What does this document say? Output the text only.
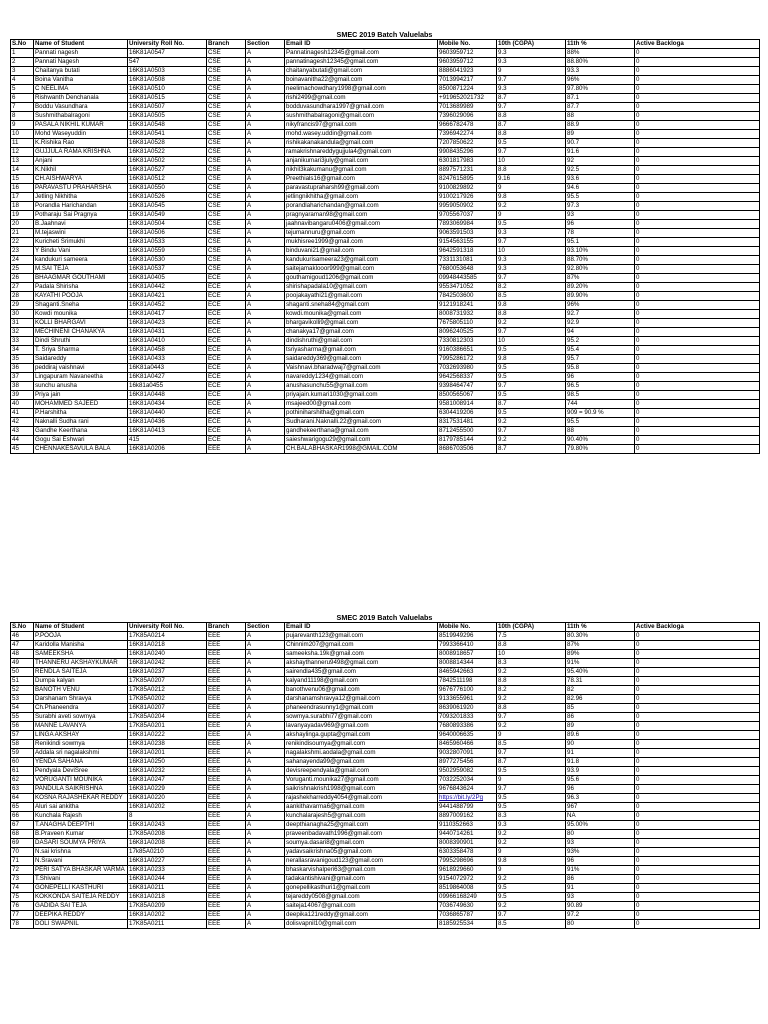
SMEC 2019 Batch Valuelabs
S.No	Name of Student	University Roll No.	Branch	Section	Email ID	Mobile No.	10th (CGPA)	11th %	Active Backloga
1	Pannati nagesh	16K81A0547	CSE	A	Pannatinagesh12345@gmail.com	9603959712	9.3	88%	0
2	Pannati Nagesh	547	CSE	A	pannatinagesh12345@gmail.com	9603959712	9.3	88.80%	0
3	Chaitanya butati	16K81A0503	CSE	A	chaitanyabutati@gmail.com	8886041923	9	93.3	0
4	Boina Vanitha	16K81A0508	CSE	A	boinavanitha22@gmail.com	7013994217	9.7	96%	0
5	C NEELIMA	16K81A0510	CSE	A	neelimachowdhary1998@gmail.com	8500871224	9.3	97.80%	0
6	Rishwanth Denchanala	16K81A0515	CSE	A	rishi2499@gmail.com	+919652021732	8.7	87.1	0
7	Boddu Vasundhara	16K81A0507	CSE	A	bodduvasundhara1997@gmail.com	7013689989	9.7	87.7	0
8	Sushmithabalragoni	16K81A0505	CSE	A	sushmithabalragoni@gmail.com	7396029096	8.8	88	0
9	PASALA NIKHIL KUMAR	16K81A0548	CSE	A	nikyfrancis97@gmail.com	9666782478	8.7	88.9	0
10	Mohd Waseyuddin	16K81A0541	CSE	A	mohd.wasey.uddin@gmail.com	7396942274	8.8	89	0
11	K.Rishika Rao	16K81A0528	CSE	A	rishikakanakandula@gmail.com	7207850622	9.5	90.7	0
12	GUJJULA RAMA KRISHNA	16K81A0522	CSE	A	ramakrishnareddygujjula4@gmail.com	9908435296	9.7	91.6	0
13	Anjani	16K81A0502	CSE	A	anjanikumari3july@gmail.com	6301817983	10	92	0
14	K.Nikhil	16K81A0527	CSE	A	nikhil3kakumanu@gmail.com	8897571231	8.8	92.5	0
15	CH.AISHWARYA	16K81A0512	CSE	A	Preethials16@gmail.com	8247615895	9.16	93.6	0
16	PARAVASTU PRAHARSHA	16K81A0550	CSE	A	paravastupraharsh99@gmail.com	9100829892	9	94.6	0
17	Jetling Nikhitha	16K81A0526	CSE	A	jetlingnikhitha@gmail.com	9100217926	9.8	95.5	0
18	Porandla Harichandan	16K81A0545	CSE	A	porandlaharichandan@gmail.com	9959050902	9.2	97.3	0
19	Potharaju Sai Pragnya	16K81A0549	CSE	A	pragnyaraman98@gmail.com	9705567037	9	93	0
20	B.Jaahnavi	16K81A0504	CSE	A	jaahnavibangaru0406@gmail.com	7893069984	9.5	96	0
21	M.tejaswini	16K81A0506	CSE	A	tejumannuru@gmail.com	9063591503	9.3	78	0
22	Kuricheti Srimukhi	16K81A0533	CSE	A	mukhisree1999@gmail.com	9154563155	9.7	95.1	0
23	Y Bindu Vani	16K81A0559	CSE	A	binduvani21@gmail.com	9642591318	10	93.10%	0
24	kandukuri sameera	16K81A0530	CSE	A	kandukurisameera23@gmail.com	7331131081	9.3	88.70%	0
25	M.SAI TEJA	16K81A0537	CSE	A	saitejamaklooor999@gmail.com	7680053648	9.3	92.80%	0
26	BHAAGMAR GOUTHAMI	16K81A0405	ECE	A	gouthamigoud1206@gmail.com	09948443585	9.7	87%	0
27	Padala Shirisha	16K81A0442	ECE	A	shirishapadala10@gmail.com	9553471052	8.2	89.20%	0
28	KAYATHI POOJA	16K81A0421	ECE	A	poojakayathi21@gmail.com	7842503600	8.5	89.90%	0
29	Shaganti.Sneha	16K81A0452	ECE	A	shaganti.sneha84@gmail.com	9121918241	9.8	96%	0
30	Kowdi mounika	16K81A0417	ECE	A	kowdi.mounika@gmail.com	8008731932	8.8	92.7	0
31	KOLLI BHARGAVI	16K81A0423	ECE	A	bhargavikolli9@gmail.com	7675805110	9.2	92.9	0
32	MECHINENI CHANAKYA	16K81A0431	ECE	A	chanakya17@gmail.com	8096240525	9.7	94	0
33	Dindi Shruthi	16K81A0410	ECE	A	dindishruthi@gmail.com	7330812303	10	95.2	0
34	T. Sriya Sharma	16K81A0458	ECE	A	tsriyasharma@gmail.com	9160386651	9.5	95.4	0
35	Saidareddy	16K81A0433	ECE	A	saidareddy369@gmail.com	7995286172	9.8	95.7	0
36	peddiraj vaishnavi	16K81a0443	ECE	A	Vaishnavi.bharadwaj7@gmail.com	7032693980	9.5	95.8	0
37	Lingapuram Navaneetha	16K81A0427	ECE	A	navareddy1234@gmail.com	9642568337	9.5	96	0
38	sunchu anusha	16k81a0455	ECE	A	anushasunchu55@gmail.com	9398464747	9.7	96.5	0
39	Priya jain	16K81A0448	ECE	A	priyajain.kumari1030@gmail.com	8500565067	9.5	98.5	0
40	MOHAMMED SAJEED	16K81A0434	ECE	A	msajeed00@gmail.com	9581008914	8.7	744	0
41	P.Harshitha	16K81A0440	ECE	A	pothiniharshitha@gmail.com	6304419206	9.5	909 = 90.9 %	0
42	Naknalli Sudha rani	16K81A0436	ECE	A	Sudharani.Naknalli.22@gmail.com	8317531481	9.2	95.5	0
43	Gandhe Keerthana	16K81A0413	ECE	A	gandhekeerthana@gmail.com	8712455500	9.7	88	0
44	Gogu Sai Eshwari	415	ECE	A	saieshwarigogu29@gmail.com	8179785144	9.2	90.40%	0
45	CHENNAKESAVULA BALA	16K81A0206	EEE	A	CH.BALABHASKAR1998@GMAIL.COM	8686703506	8.7	79.80%	0
SMEC 2019 Batch Valuelabs
S.No	Name of Student	University Roll No.	Branch	Section	Email ID	Mobile No.	10th (CGPA)	11th %	Active Backloga
46	P.POOJA	17K85A0214	EEE	A	pujarevanth123@gmail.com	8519949296	7.5	80.30%	0
47	Karidolla Manisha	16K81A0218	EEE	A	Chinnim207@gmail.com	7993366410	8.8	87%	0
48	SAMEEKSHA	16K81A0240	EEE	A	sameeksha.19k@gmail.com	8008918657	10	89%	0
49	THANNERU AKSHAYKUMAR	16K81A0242	EEE	A	akshaythanneru9498@gmail.com	8008814344	8.3	91%	0
50	RENDLA SAITEJA	16K81A0237	EEE	A	sairendla435@gmail.com	8465942663	9.2	95.40%	0
51	Dumpa kalyan	17K85A0207	EEE	A	kalyand11198@gmail.com	7842511198	8.8	78.31	0
52	BANOTH VENU	17K85A0212	EEE	A	banothvenu06@gmail.com	9676776100	8.2	82	0
53	Darshanam Shravya	17K85A0202	EEE	A	darshanamshravya12@gmail.com	9133655961	9.2	82.96	0
54	Ch.Phaneendra	16K81A0207	EEE	A	phaneendrasunny1@gmail.com	8639061920	8.8	85	0
55	Surabhi aveti sowmya	17K85A0204	EEE	A	sowmya.surabhi77@gmail.com	7093201833	9.7	86	0
56	MANNE LAVANYA	17K85A0201	EEE	A	lavanyayadav969@gmail.com	7680893386	9.2	89	0
57	LINGA AKSHAY	16K81A0222	EEE	A	akshaylinga.gupta@gmail.com	9640006635	9	89.6	0
58	Renikindi sowmya	16K81A0238	EEE	A	renikindisoumya@gmail.com	8465960466	8.5	90	0
59	Addala sri nagalakshmi	16K81A0201	EEE	A	nagalakshmi.aodala@gmail.com	9032807091	9.7	91	0
60	YENDA SAHANA	16K81A0250	EEE	A	sahanayenda99@gmail.com	8977275456	8.7	91.8	0
61	Pendyala DeviSree	16K81A0232	EEE	A	devisreependyala@gmail.com	9502959082	9.5	93.9	0
62	VORUGANTI MOUNIKA	16K81A0247	EEE	A	Voruganti.mounika27@gmail.com	7032252034	9	95.6	0
63	PANDULA SAIKRISHNA	16K81A0229	EEE	A	saikrishnakrish1998@gmail.com	9676843624	9.7	96	0
64	KOSNA RAJASHEKAR REDDY	16K81A0220	EEE	A	rajashekharreddy4054@gmail.com	https://bit.ly/2Pg	9.5	96.3	0
65	Aluri sai ankitha	16K81A0202	EEE	A	aankitha​varma6@gmail.com	9441488799	9.5	967	0
66	Kunchala Rajesh	8	EEE	A	kunchalarajesh5@gmail.com	8897009162	8.3	NA	0
67	T.ANAGHA DEEPTHI	16K81A0243	EEE	A	deepthianagha25@gmail.com	9110352663	9.3	95.00%	0
68	B.Praveen Kumar	17K85A0208	EEE	A	praveenbadavath1996@gmail.com	9440714261	9.2	80	0
69	DASARI SOUMYA PRIYA	16K81A0208	EEE	A	soumya.dasari8@gmail.com	8008390901	9.2	93	0
70	N.sai krishna	17k85A0210	EEE	A	yadavsaikrishna05@gmail.com	6303358478	9	93%	0
71	N.Sravani	16K81A0227	EEE	A	nerallasravanigoud123@gmail.com	7995298696	9.8	96	0
72	PERI SATYA BHASKAR VARMA	16K81A0233	EEE	A	bhaskarvishalperi63@gmail.com	9618929660	9	91%	0
73	T.Shivani	16K81A0244	EEE	A	tadakantishivani@gmail.com	9154072972	9.2	86	0
74	GONEPELLI KASTHURI	16K81A0211	EEE	A	gonepellikasthuri1@gmail.com	8519864008	9.5	91	0
75	KOKKONDA SAITEJA REDDY	16K81A0218	EEE	A	tejareddy0508@gmail.com	09966168249	9.5	93	0
76	GADIDA SAI TEJA	17K85A0209	EEE	A	saiteja14067@gmail.com	7036749630	9.2	90.89	0
77	DEEPIKA REDDY	16K81A0202	EEE	A	deepika121reddy@gmail.com	7036865787	9.7	97.2	0
78	DOLI SWAPNIL	17K85A0211	EEE	A	dolisvapnil10@gmail.com	8185925534	8.5	80	0
